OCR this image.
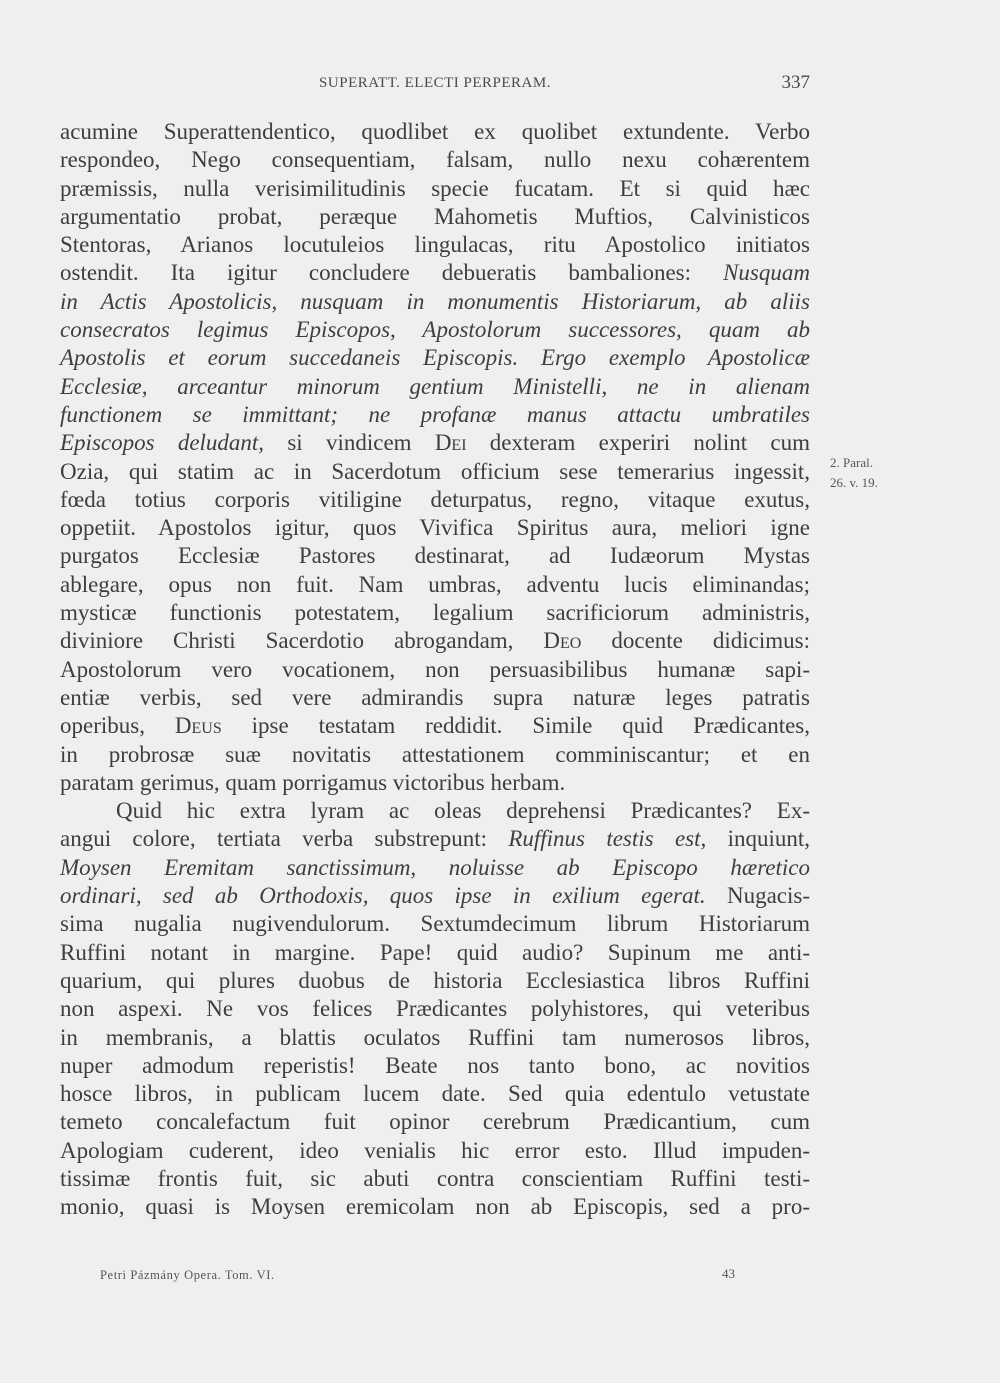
SUPERATT. ELECTI PERPERAM.	337
acumine Superattendentico, quodlibet ex quolibet extundente. Verbo
respondeo, Nego consequentiam, falsam, nullo nexu cohærentem
præmissis, nulla verisimilitudinis specie fucatam. Et si quid hæc
argumentatio probat, peræque Mahometis Muftios, Calvinisticos
Stentoras, Arianos locutuleios lingulacas, ritu Apostolico initiatos
ostendit. Ita igitur concludere debueratis bambaliones: Nusquam
in Actis Apostolicis, nusquam in monumentis Historiarum, ab aliis
consecratos legimus Episcopos, Apostolorum successores, quam ab
Apostolis et eorum succedaneis Episcopis. Ergo exemplo Apostolicæ
Ecclesiæ, arceantur minorum gentium Ministelli, ne in alienam
functionem se immittant; ne profanæ manus attactu umbratiles
Episcopos deludant, si vindicem Dei dexteram experiri nolint cum
Ozia, qui statim ac in Sacerdotum officium sese temerarius ingessit,
fœda totius corporis vitiligine deturpatus, regno, vitaque exutus,
oppetiit. Apostolos igitur, quos Vivifica Spiritus aura, meliori igne
purgatos Ecclesiæ Pastores destinarat, ad Iudæorum Mystas
ablegare, opus non fuit. Nam umbras, adventu lucis eliminandas;
mysticæ functionis potestatem, legalium sacrificiorum administris,
diviniore Christi Sacerdotio abrogandam, Deo docente didicimus:
Apostolorum vero vocationem, non persuasibilibus humanæ sapi-
entiæ verbis, sed vere admirandis supra naturæ leges patratis
operibus, Deus ipse testatam reddidit. Simile quid Prædicantes,
in probrosæ suæ novitatis attestationem comminiscantur; et en
paratam gerimus, quam porrigamus victoribus herbam.
Quid hic extra lyram ac oleas deprehensi Prædicantes? Ex-
angui colore, tertiata verba substrepunt: Ruffinus testis est, inquiunt,
Moysen Eremitam sanctissimum, noluisse ab Episcopo hæretico
ordinari, sed ab Orthodoxis, quos ipse in exilium egerat. Nugacis-
sima nugalia nugivendulorum. Sextumdecimum librum Historiarum
Ruffini notant in margine. Pape! quid audio? Supinum me anti-
quarium, qui plures duobus de historia Ecclesiastica libros Ruffini
non aspexi. Ne vos felices Prædicantes polyhistores, qui veteribus
in membranis, a blattis oculatos Ruffini tam numerosos libros,
nuper admodum reperistis! Beate nos tanto bono, ac novitios
hosce libros, in publicam lucem date. Sed quia edentulo vetustate
temeto concalefactum fuit opinor cerebrum Prædicantium, cum
Apologiam cuderent, ideo venialis hic error esto. Illud impuden-
tissimæ frontis fuit, sic abuti contra conscientiam Ruffini testi-
monio, quasi is Moysen eremicolam non ab Episcopis, sed a pro-
2. Paral.
26. v. 19.
Petri Pázmány Opera. Tom. VI.	43
